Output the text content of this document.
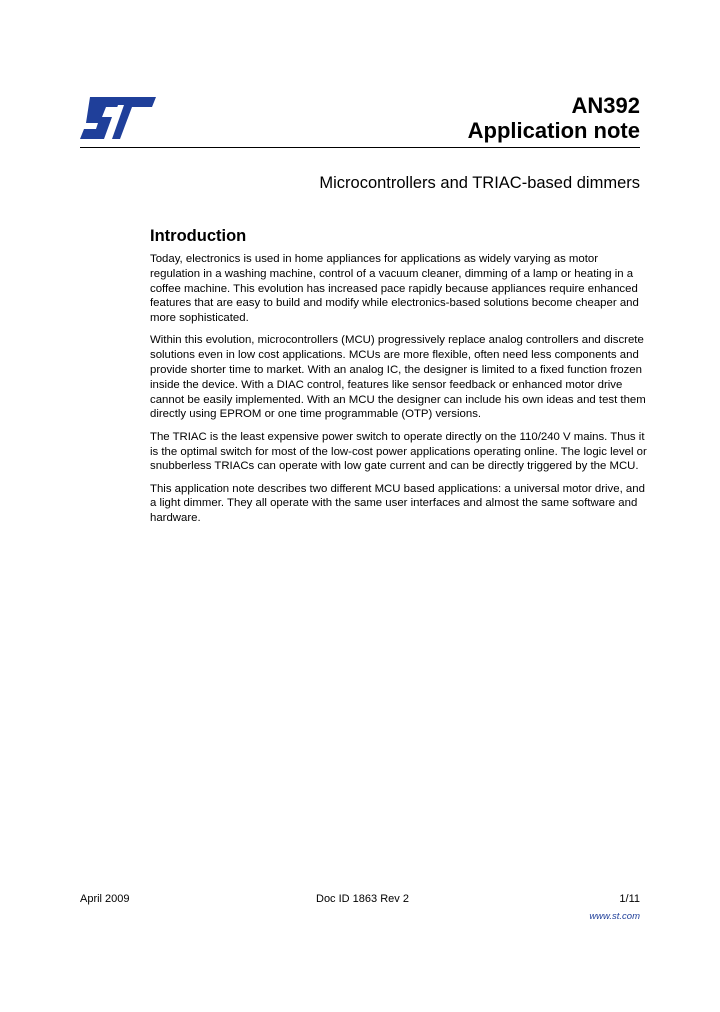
AN392
Application note
Microcontrollers and TRIAC-based dimmers
Introduction

Today, electronics is used in home appliances for applications as widely varying as motor regulation in a washing machine, control of a vacuum cleaner, dimming of a lamp or heating in a coffee machine. This evolution has increased pace rapidly because appliances require enhanced features that are easy to build and modify while electronics-based solutions become cheaper and more sophisticated.

Within this evolution, microcontrollers (MCU) progressively replace analog controllers and discrete solutions even in low cost applications. MCUs are more flexible, often need less components and provide shorter time to market. With an analog IC, the designer is limited to a fixed function frozen inside the device. With a DIAC control, features like sensor feedback or enhanced motor drive cannot be easily implemented. With an MCU the designer can include his own ideas and test them directly using EPROM or one time programmable (OTP) versions.

The TRIAC is the least expensive power switch to operate directly on the 110/240 V mains. Thus it is the optimal switch for most of the low-cost power applications operating online. The logic level or snubberless TRIACs can operate with low gate current and can be directly triggered by the MCU.

This application note describes two different MCU based applications: a universal motor drive, and a light dimmer. They all operate with the same user interfaces and almost the same software and hardware.

April 2009	Doc ID 1863 Rev 2	1/11
www.st.com
